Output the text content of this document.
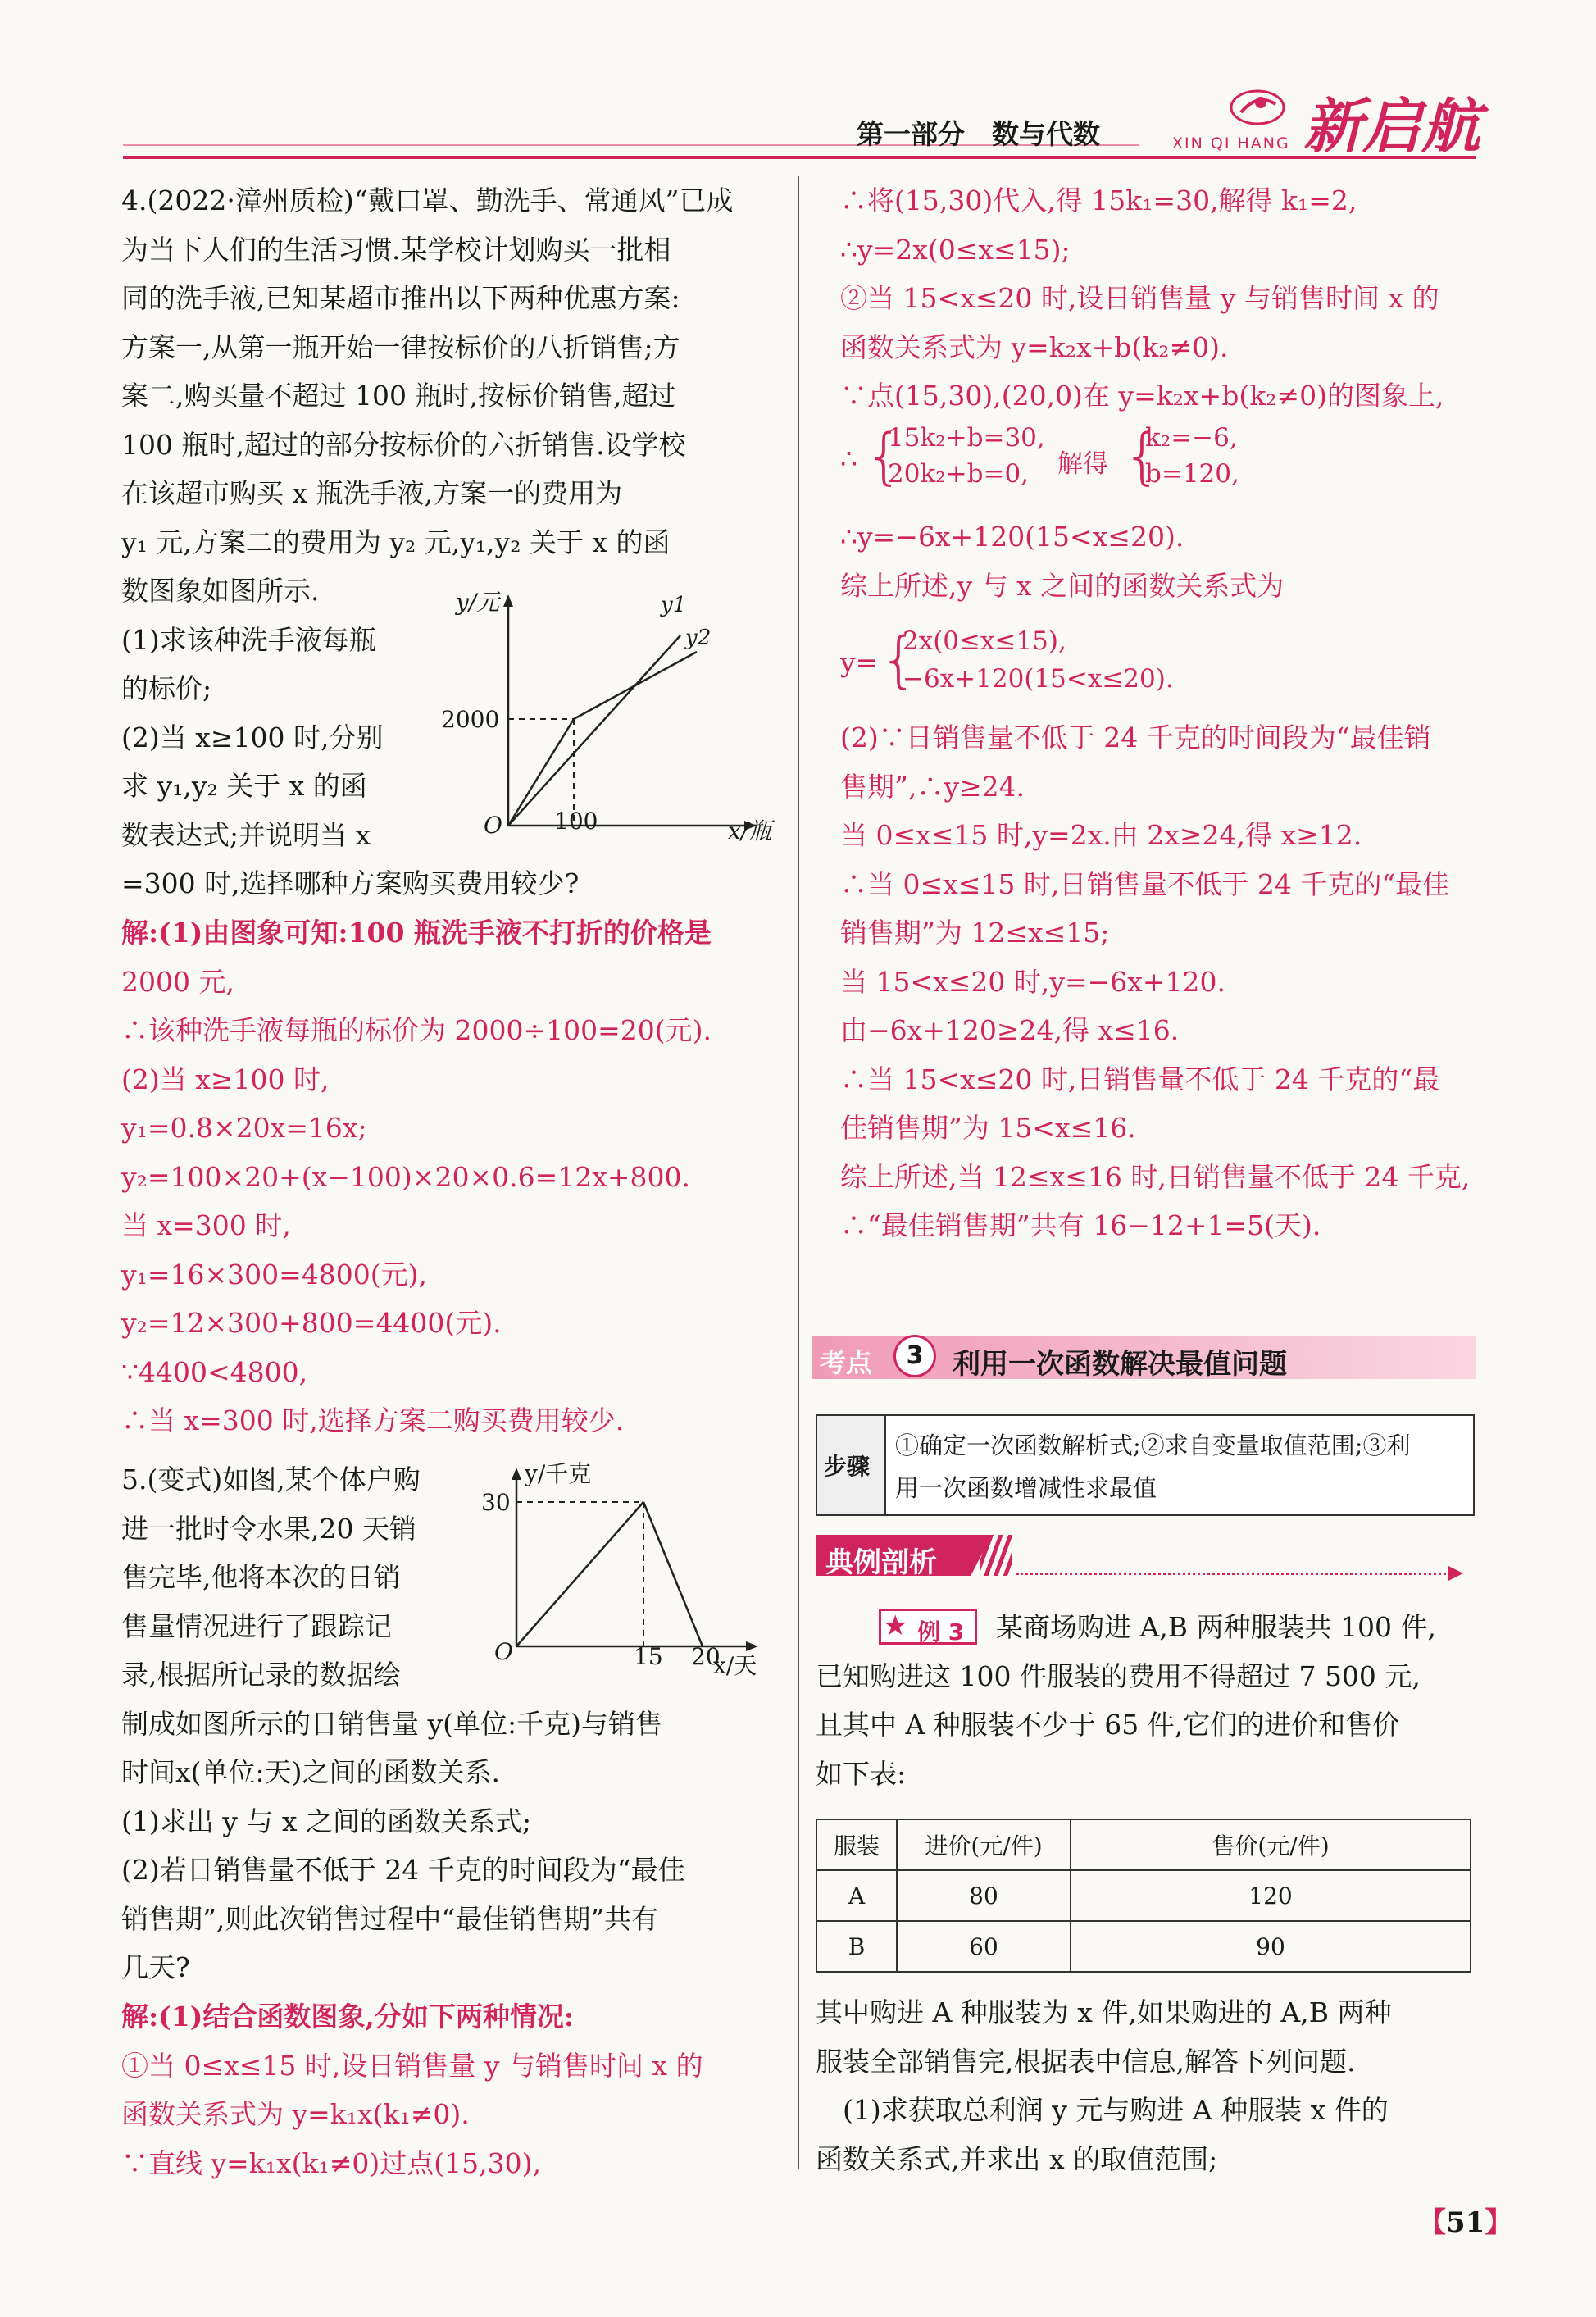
第一部分　数与代数	XIN QI HANG 新启航
4.(2022·漳州质检)“戴口罩、勤洗手、常通风”已成
为当下人们的生活习惯.某学校计划购买一批相
同的洗手液,已知某超市推出以下两种优惠方案:
方案一,从第一瓶开始一律按标价的八折销售;方
案二,购买量不超过 100 瓶时,按标价销售,超过
100 瓶时,超过的部分按标价的六折销售.设学校
在该超市购买 x 瓶洗手液,方案一的费用为
y₁ 元,方案二的费用为 y₂ 元,y₁,y₂ 关于 x 的函
数图象如图所示.
(1)求该种洗手液每瓶
的标价;
(2)当 x≥100 时,分别
求 y₁,y₂ 关于 x 的函
数表达式;并说明当 x
=300 时,选择哪种方案购买费用较少?
解:(1)由图象可知:100 瓶洗手液不打折的价格是
2000 元,
∴该种洗手液每瓶的标价为 2000÷100=20(元).
(2)当 x≥100 时,
y₁=0.8×20x=16x;
y₂=100×20+(x−100)×20×0.6=12x+800.
当 x=300 时,
y₁=16×300=4800(元),
y₂=12×300+800=4400(元).
∵4400<4800,
∴当 x=300 时,选择方案二购买费用较少.
y/元
x/瓶
2000
100
O
y1
y2
5.(变式)如图,某个体户购
进一批时令水果,20 天销
售完毕,他将本次的日销
售量情况进行了跟踪记
录,根据所记录的数据绘
制成如图所示的日销售量 y(单位:千克)与销售
时间x(单位:天)之间的函数关系.
(1)求出 y 与 x 之间的函数关系式;
(2)若日销售量不低于 24 千克的时间段为“最佳
销售期”,则此次销售过程中“最佳销售期”共有
几天?
解:(1)结合函数图象,分如下两种情况:
①当 0≤x≤15 时,设日销售量 y 与销售时间 x 的
函数关系式为 y=k₁x(k₁≠0).
∵直线 y=k₁x(k₁≠0)过点(15,30),
y/千克
x/天
30
15 20
O
∴将(15,30)代入,得 15k₁=30,解得 k₁=2,
∴y=2x(0≤x≤15);
②当 15<x≤20 时,设日销售量 y 与销售时间 x 的
函数关系式为 y=k₂x+b(k₂≠0).
∵点(15,30),(20,0)在 y=k₂x+b(k₂≠0)的图象上,
∴y=−6x+120(15<x≤20).
综上所述,y 与 x 之间的函数关系式为
(2)∵日销售量不低于 24 千克的时间段为“最佳销
售期”,∴y≥24.
当 0≤x≤15 时,y=2x.由 2x≥24,得 x≥12.
∴当 0≤x≤15 时,日销售量不低于 24 千克的“最佳
销售期”为 12≤x≤15;
当 15<x≤20 时,y=−6x+120.
由−6x+120≥24,得 x≤16.
∴当 15<x≤20 时,日销售量不低于 24 千克的“最
佳销售期”为 15<x≤16.
综上所述,当 12≤x≤16 时,日销售量不低于 24 千克,
∴“最佳销售期”共有 16−12+1=5(天).
∴ {
15k₂+b=30,
20k₂+b=0, 解得 {
k₂=−6,
b=120,
y= {
2x(0≤x≤15),
−6x+120(15<x≤20).
考点	3	利用一次函数解决最值问题
步骤
①确定一次函数解析式;②求自变量取值范围;③利
用一次函数增减性求最值
典例剖析
★ 例 3 某商场购进 A,B 两种服装共 100 件,
已知购进这 100 件服装的费用不得超过 7 500 元,
且其中 A 种服装不少于 65 件,它们的进价和售价
如下表:
服装	进价(元/件)	售价(元/件)
A	80	120
B	60	90
其中购进 A 种服装为 x 件,如果购进的 A,B 两种
服装全部销售完,根据表中信息,解答下列问题.
　(1)求获取总利润 y 元与购进 A 种服装 x 件的
函数关系式,并求出 x 的取值范围;
【51】
